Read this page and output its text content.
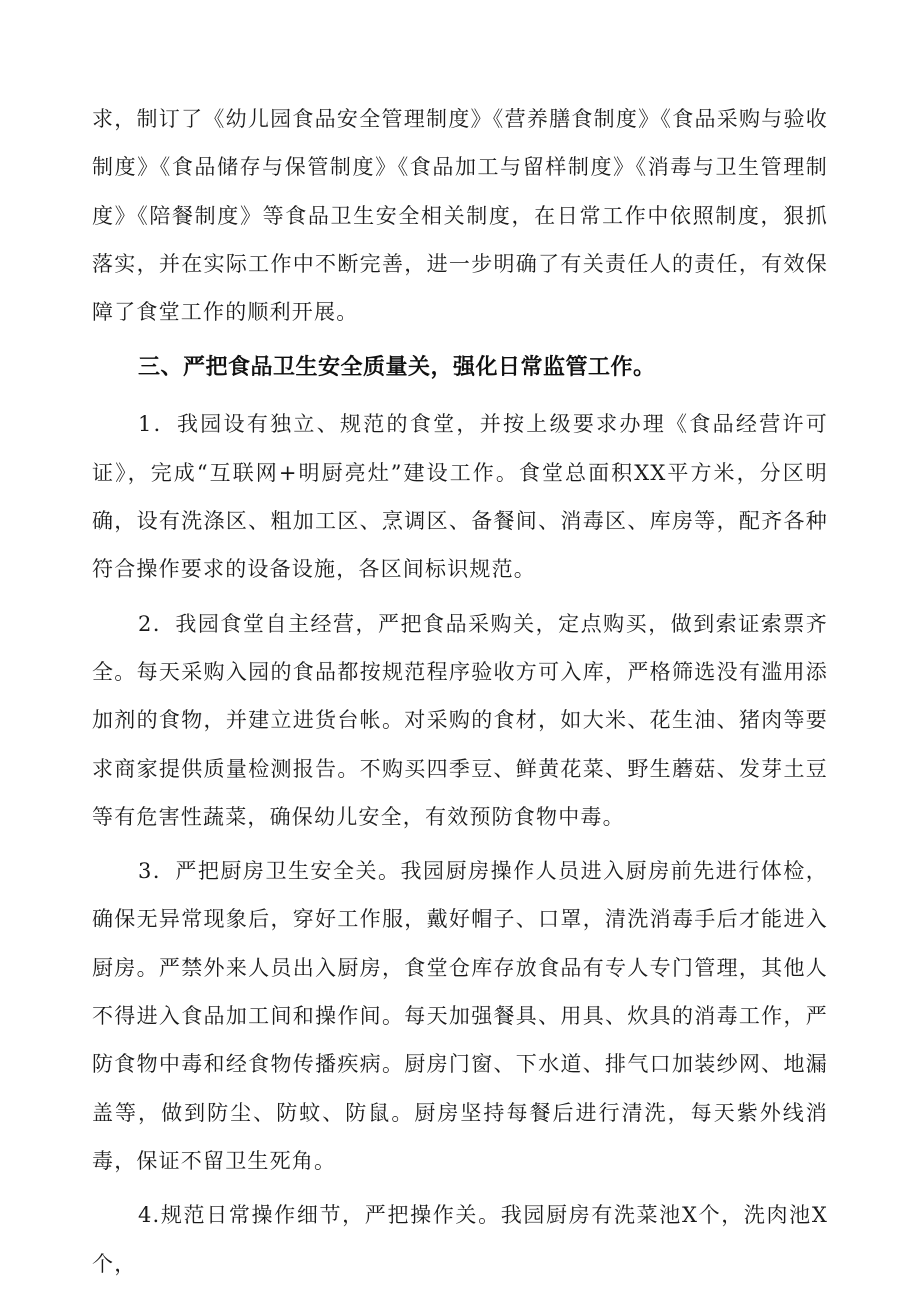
求，制订了《幼儿园食品安全管理制度》《营养膳食制度》《食品采购与验收制度》《食品储存与保管制度》《食品加工与留样制度》《消毒与卫生管理制度》《陪餐制度》等食品卫生安全相关制度，在日常工作中依照制度，狠抓落实，并在实际工作中不断完善，进一步明确了有关责任人的责任，有效保障了食堂工作的顺利开展。

三、严把食品卫生安全质量关，强化日常监管工作。

1．我园设有独立、规范的食堂，并按上级要求办理《食品经营许可证》，完成“互联网+明厨亮灶”建设工作。食堂总面积XX平方米，分区明确，设有洗涤区、粗加工区、烹调区、备餐间、消毒区、库房等，配齐各种符合操作要求的设备设施，各区间标识规范。

2．我园食堂自主经营，严把食品采购关，定点购买，做到索证索票齐全。每天采购入园的食品都按规范程序验收方可入库，严格筛选没有滥用添加剂的食物，并建立进货台帐。对采购的食材，如大米、花生油、猪肉等要求商家提供质量检测报告。不购买四季豆、鲜黄花菜、野生蘑菇、发芽土豆等有危害性蔬菜，确保幼儿安全，有效预防食物中毒。

3．严把厨房卫生安全关。我园厨房操作人员进入厨房前先进行体检，确保无异常现象后，穿好工作服，戴好帽子、口罩，清洗消毒手后才能进入厨房。严禁外来人员出入厨房，食堂仓库存放食品有专人专门管理，其他人不得进入食品加工间和操作间。每天加强餐具、用具、炊具的消毒工作，严防食物中毒和经食物传播疾病。厨房门窗、下水道、排气口加装纱网、地漏盖等，做到防尘、防蚊、防鼠。厨房坚持每餐后进行清洗，每天紫外线消毒，保证不留卫生死角。

4.规范日常操作细节，严把操作关。我园厨房有洗菜池X个，洗肉池X个，
